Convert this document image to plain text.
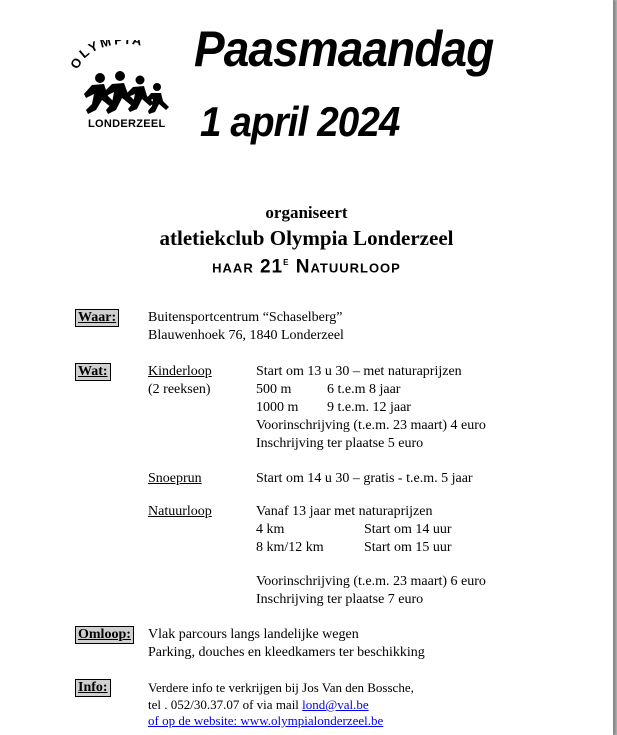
LYM A
LONDERZEEL
Paasmaandag
1 april 2024
organiseert
atletiekclub Olympia Londerzeel
haar 21e Natuurloop
Waar: Buitensportcentrum “Schaselberg”
Blauwenhoek 76, 1840 Londerzeel
Wat:	Kinderloop
(2 reeksen)
Start om 13 u 30 – met naturaprijzen
500 m	6 t.e.m 8 jaar
1000 m 9 t.e.m. 12 jaar
Voorinschrijving (t.e.m. 23 maart) 4 euro
Inschrijving ter plaatse 5 euro
Snoeprun	Start om 14 u 30 – gratis - t.e.m. 5 jaar
Natuurloop	Vanaf 13 jaar met naturaprijzen
4 km	Start om 14 uur
8 km/12 km	Start om 15 uur
Voorinschrijving (t.e.m. 23 maart) 6 euro
Inschrijving ter plaatse 7 euro
Omloop: Vlak parcours langs landelijke wegen
Parking, douches en kleedkamers ter beschikking
Info:	Verdere info te verkrijgen bij Jos Van den Bossche,
tel . 052/30.37.07 of via mail lond@val.be
of op de website: www.olympialonderzeel.be
